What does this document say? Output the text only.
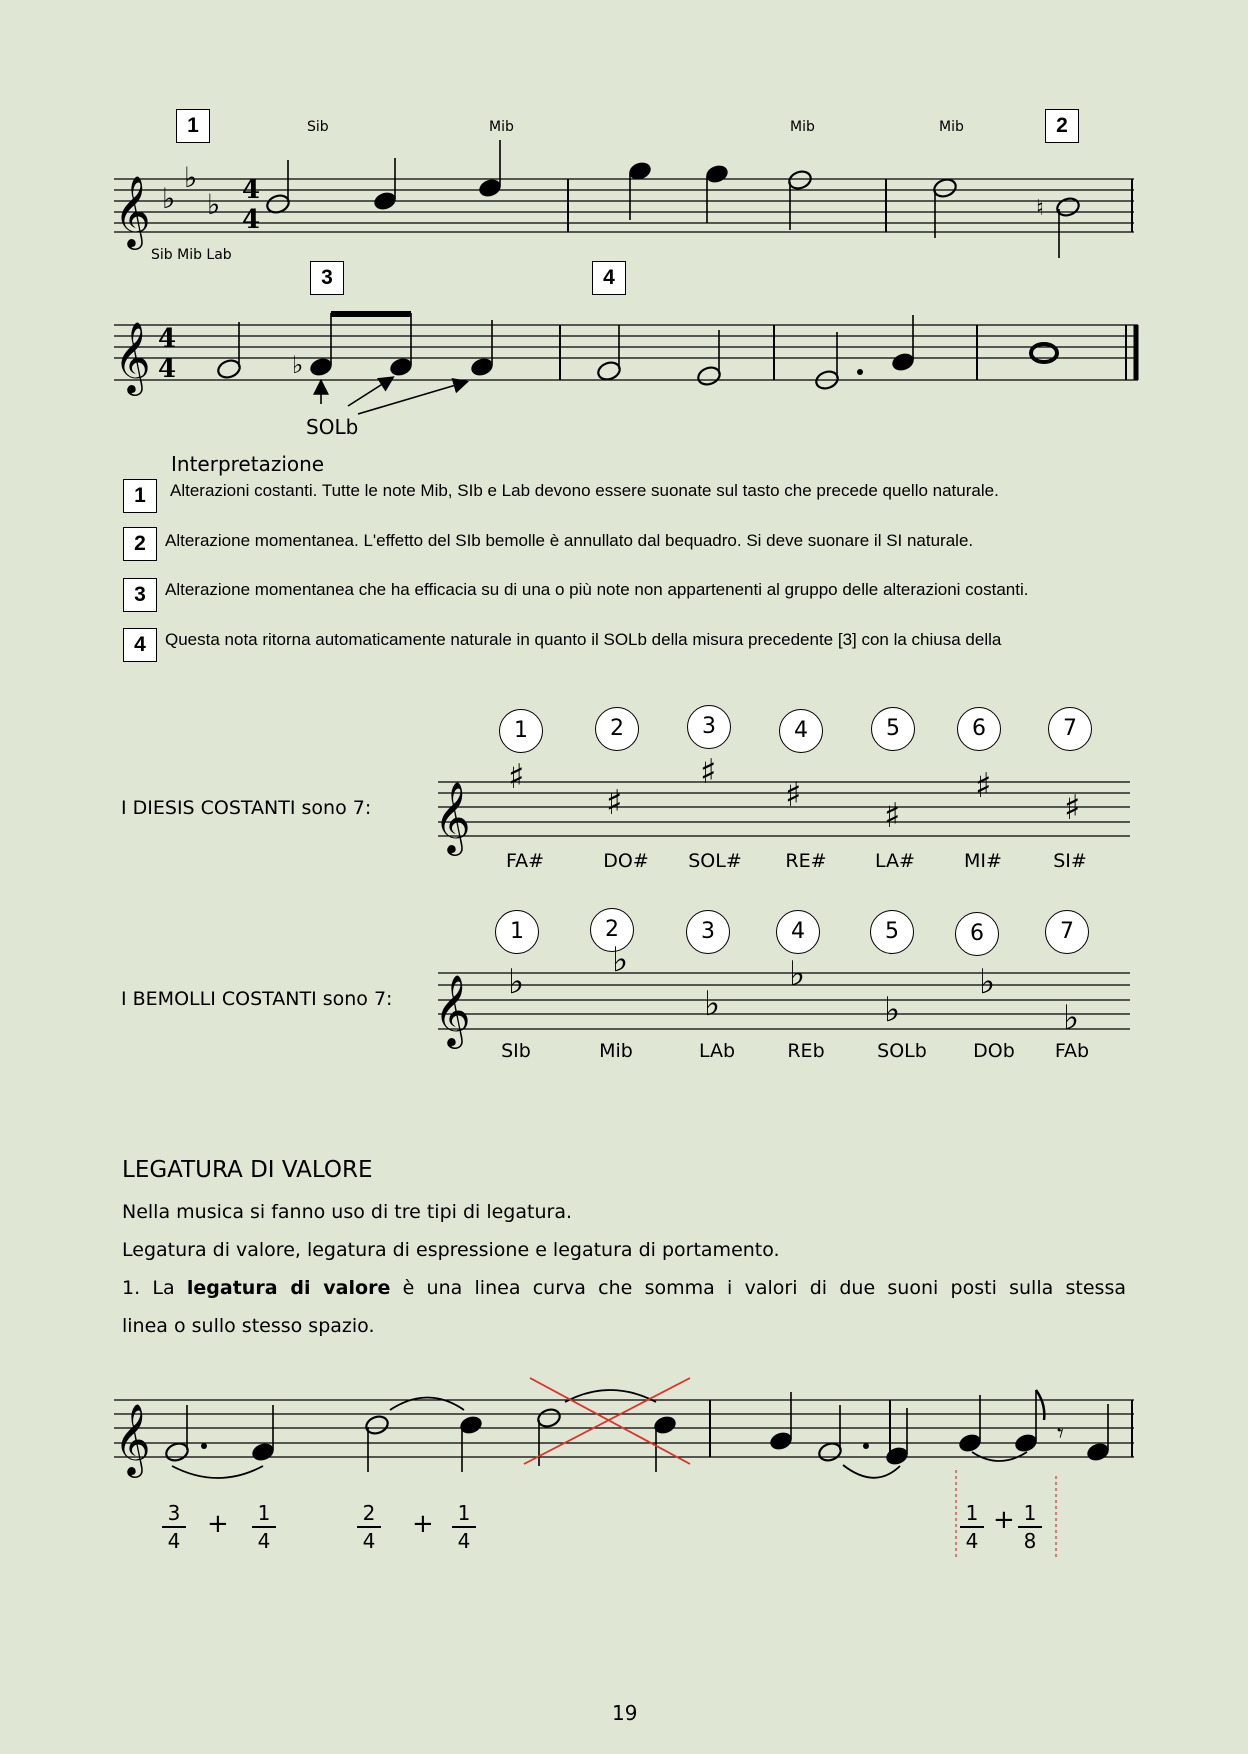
𝄞 ♭
♭
♭ 4
4	♮
𝄞 4
4	♭
𝄞
𝄞
𝄞	𝄾
1	2
Sib	Mib	Mib	Mib
Sib Mib Lab
3	4
SOLb
Interpretazione
1	Alterazioni costanti. Tutte le note Mib, SIb e Lab devono essere suonate sul tasto che precede quello naturale.
2	Alterazione momentanea. L'effetto del SIb bemolle è annullato dal bequadro. Si deve suonare il SI naturale.
3	Alterazione momentanea che ha efficacia su di una o più note non appartenenti al gruppo delle alterazioni costanti.
4	Questa nota ritorna automaticamente naturale in quanto il SOLb della misura precedente [3] con la chiusa della
I DIESIS COSTANTI sono 7:
1	2	3	4	5	6	7
♯
♯
♯
♯
♯
♯
♯
FA#	DO#	SOL#	RE#	LA#	MI#	SI#
I BEMOLLI COSTANTI sono 7:
1	2	3	4	5	6	7
♭
♭
♭
♭
♭
♭
♭
SIb	Mib	LAb	REb	SOLb	DOb	FAb
LEGATURA DI VALORE
Nella musica si fanno uso di tre tipi di legatura.
Legatura di valore, legatura di espressione e legatura di portamento.
1. La legatura di valore è una linea curva che somma i valori di due suoni posti sulla stessa
linea o sullo stesso spazio.
3
4
+ 1
4
2
4
+ 1
4
1
4
+ 1
8
19
